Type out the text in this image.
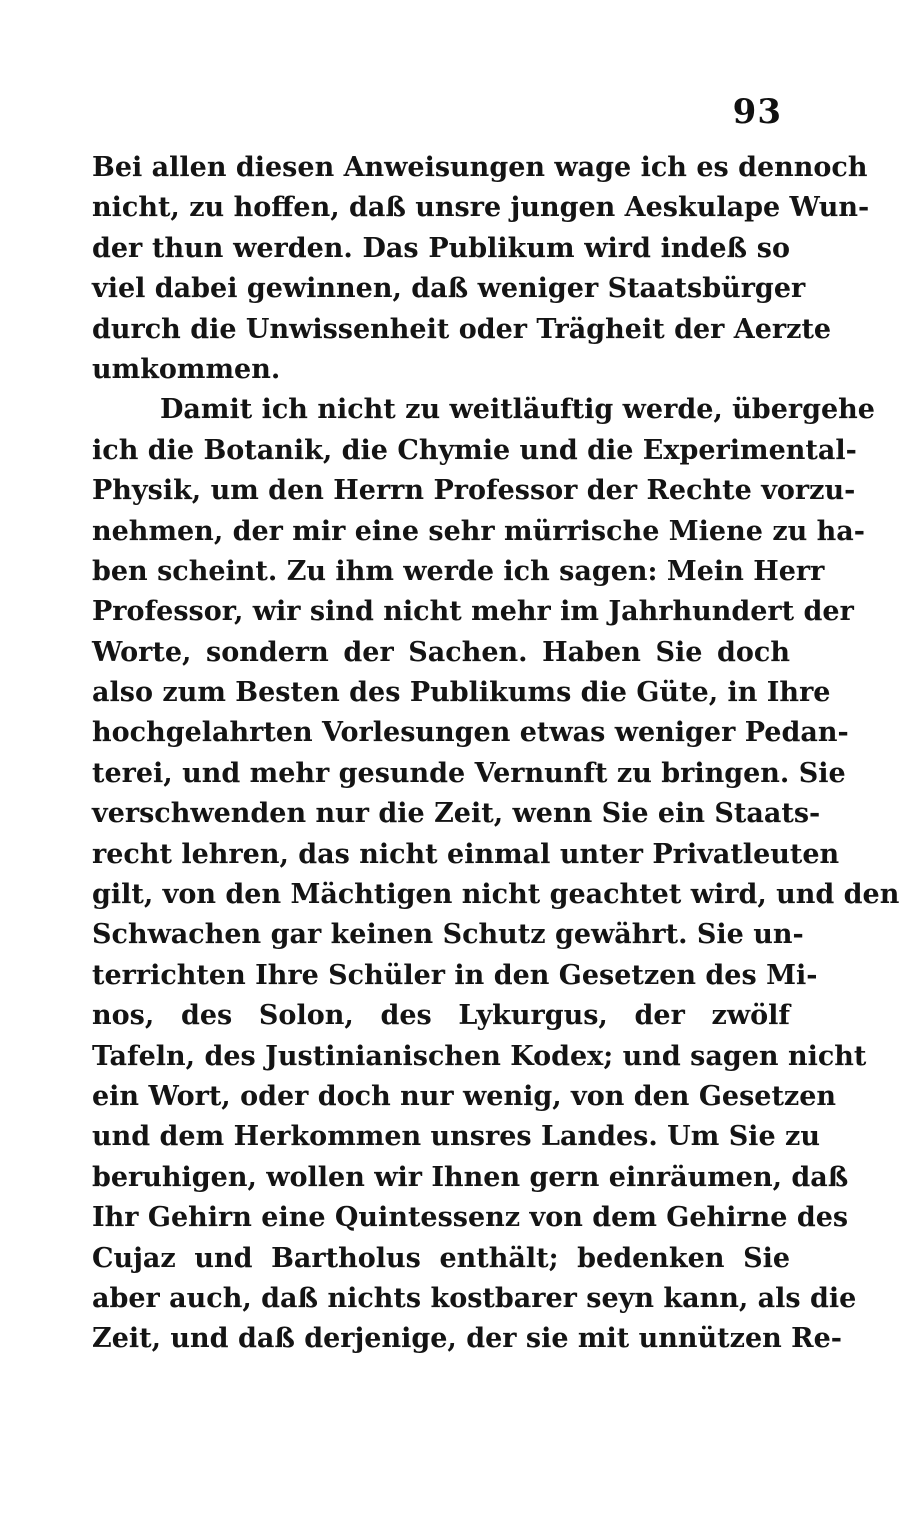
93
Bei allen diesen Anweisungen wage ich es dennoch
nicht, zu hoffen, daß unsre jungen Aeskulape Wun-
der thun werden. Das Publikum wird indeß so
viel dabei gewinnen, daß weniger Staatsbürger
durch die Unwissenheit oder Trägheit der Aerzte
umkommen.
Damit ich nicht zu weitläuftig werde, übergehe
ich die Botanik, die Chymie und die Experimental-
Physik, um den Herrn Professor der Rechte vorzu-
nehmen, der mir eine sehr mürrische Miene zu ha-
ben scheint. Zu ihm werde ich sagen: Mein Herr
Professor, wir sind nicht mehr im Jahrhundert der
Worte, sondern der Sachen. Haben Sie doch
also zum Besten des Publikums die Güte, in Ihre
hochgelahrten Vorlesungen etwas weniger Pedan-
terei, und mehr gesunde Vernunft zu bringen. Sie
verschwenden nur die Zeit, wenn Sie ein Staats-
recht lehren, das nicht einmal unter Privatleuten
gilt, von den Mächtigen nicht geachtet wird, und den
Schwachen gar keinen Schutz gewährt. Sie un-
terrichten Ihre Schüler in den Gesetzen des Mi-
nos, des Solon, des Lykurgus, der zwölf
Tafeln, des Justinianischen Kodex; und sagen nicht
ein Wort, oder doch nur wenig, von den Gesetzen
und dem Herkommen unsres Landes. Um Sie zu
beruhigen, wollen wir Ihnen gern einräumen, daß
Ihr Gehirn eine Quintessenz von dem Gehirne des
Cujaz und Bartholus enthält; bedenken Sie
aber auch, daß nichts kostbarer seyn kann, als die
Zeit, und daß derjenige, der sie mit unnützen Re-
